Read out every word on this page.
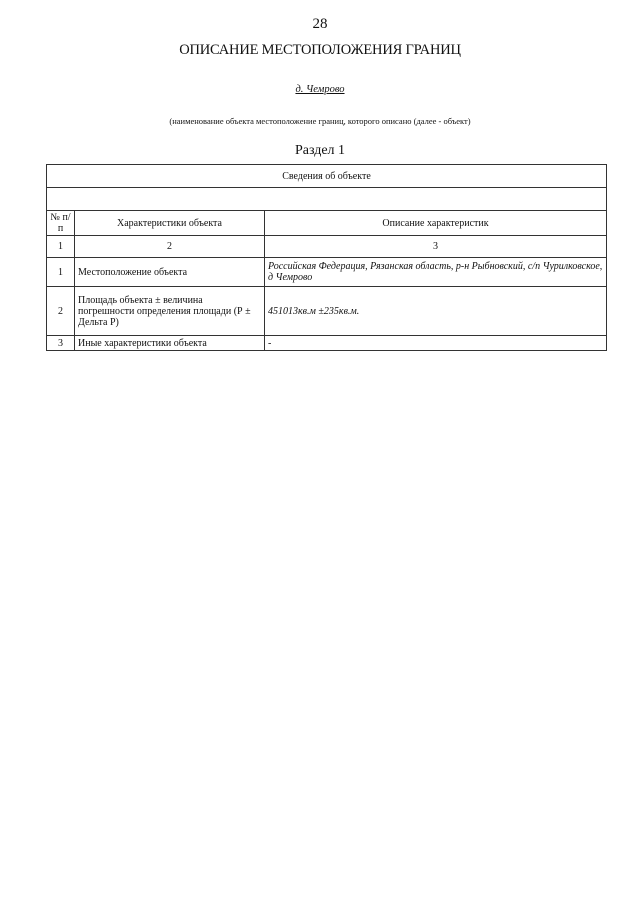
28
ОПИСАНИЕ МЕСТОПОЛОЖЕНИЯ ГРАНИЦ
д. Чемрово
(наименование объекта местоположение границ, которого описано (далее - объект)
Раздел 1
Сведения об объекте		

№ п/п	Характеристики объекта	Описание характеристик
1	2	3
1	Местоположение объекта	Российская Федерация, Рязанская область, р-н Рыбновский, с/п Чурилковское, д Чемрово
2	Площадь объекта ± величина погрешности определения площади (Р ± Дельта Р)	451013кв.м ±235кв.м.
3	Иные характеристики объекта	-
